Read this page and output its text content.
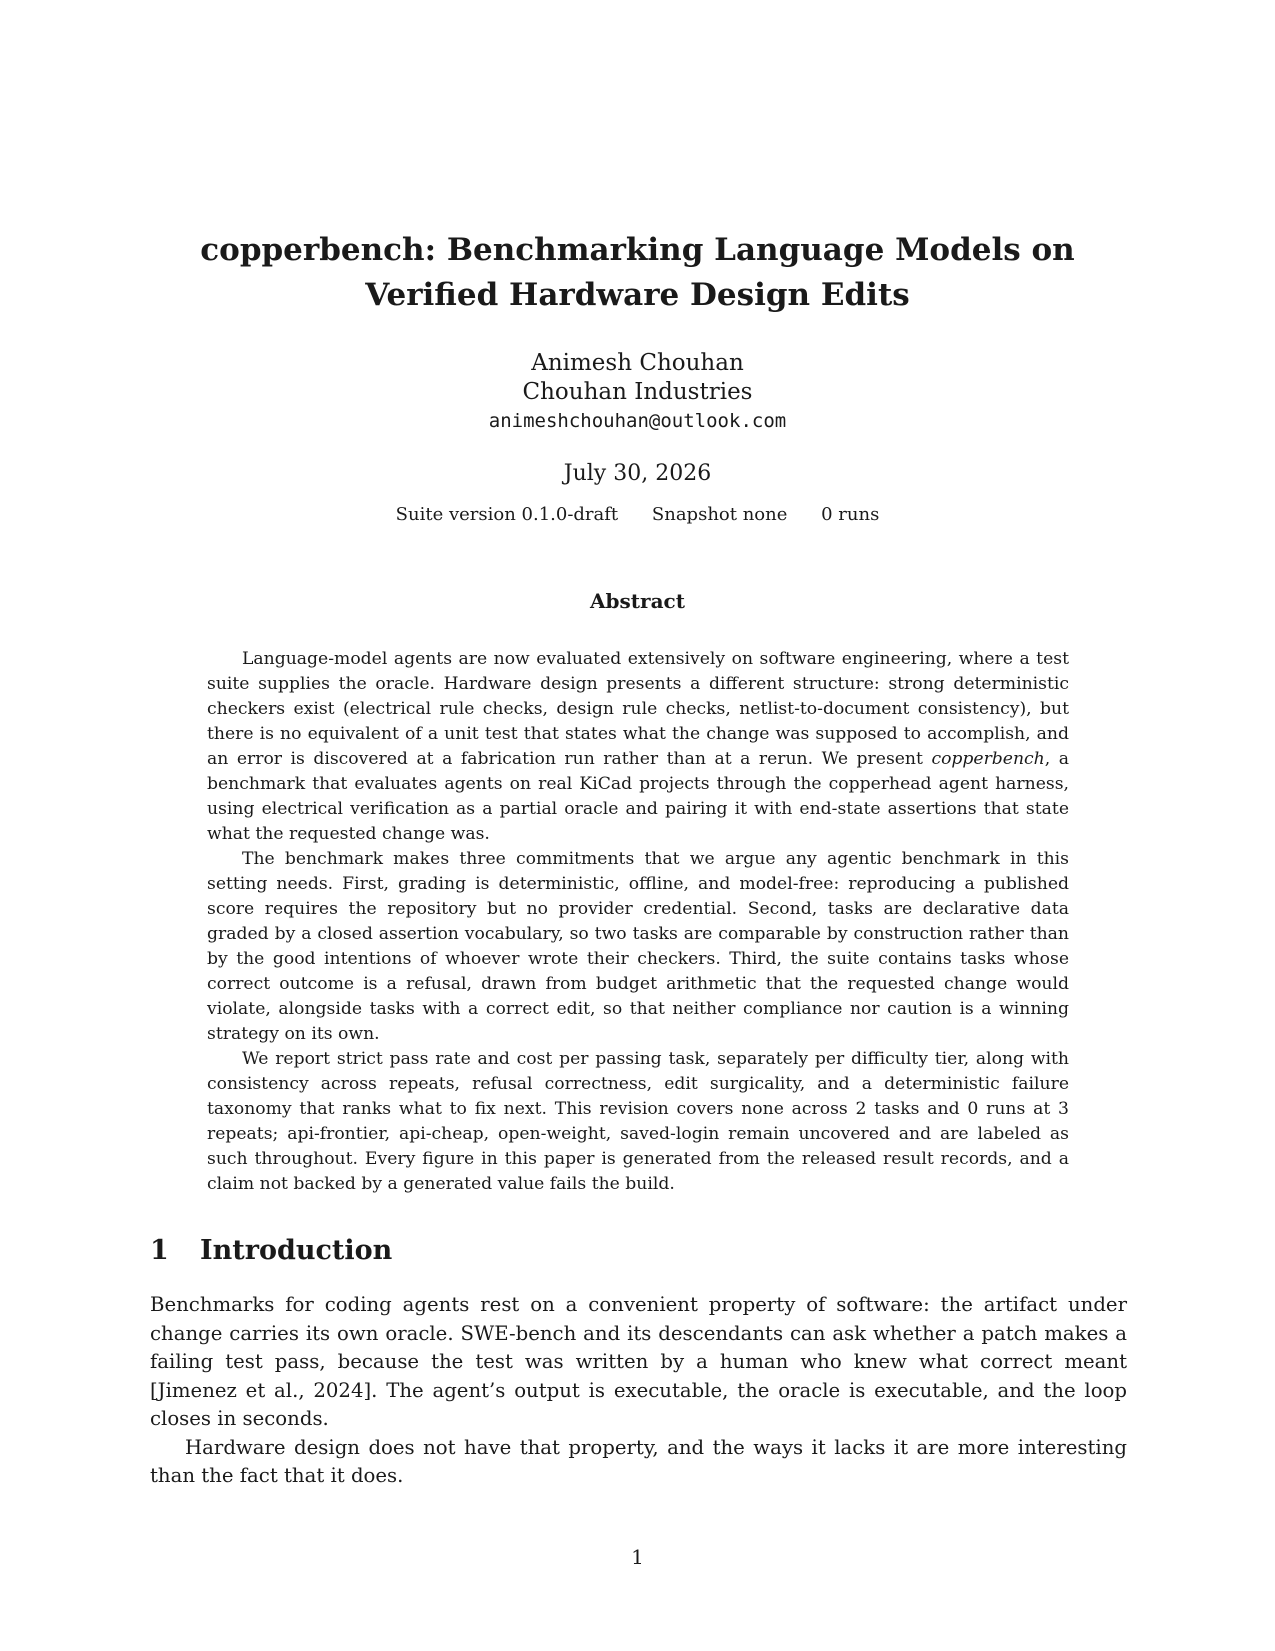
copperbench: Benchmarking Language Models on
Verified Hardware Design Edits
Animesh Chouhan
Chouhan Industries
animeshchouhan@outlook.com
July 30, 2026
Suite version 0.1.0-draft Snapshot none 0 runs
Abstract

Language-model agents are now evaluated extensively on software engineering, where a test suite supplies the oracle. Hardware design presents a different structure: strong deterministic checkers exist (electrical rule checks, design rule checks, netlist-to-document consistency), but there is no equivalent of a unit test that states what the change was supposed to accomplish, and an error is discovered at a fabrication run rather than at a rerun. We present copperbench, a benchmark that evaluates agents on real KiCad projects through the copperhead agent harness, using electrical verification as a partial oracle and pairing it with end-state assertions that state what the requested change was.

The benchmark makes three commitments that we argue any agentic benchmark in this setting needs. First, grading is deterministic, offline, and model-free: reproducing a published score requires the repository but no provider credential. Second, tasks are declarative data graded by a closed assertion vocabulary, so two tasks are comparable by construction rather than by the good intentions of whoever wrote their checkers. Third, the suite contains tasks whose correct outcome is a refusal, drawn from budget arithmetic that the requested change would violate, alongside tasks with a correct edit, so that neither compliance nor caution is a winning strategy on its own.

We report strict pass rate and cost per passing task, separately per difficulty tier, along with consistency across repeats, refusal correctness, edit surgicality, and a deterministic failure taxonomy that ranks what to fix next. This revision covers none across 2 tasks and 0 runs at 3 repeats; api-frontier, api-cheap, open-weight, saved-login remain uncovered and are labeled as such throughout. Every figure in this paper is generated from the released result records, and a claim not backed by a generated value fails the build.

1 Introduction

Benchmarks for coding agents rest on a convenient property of software: the artifact under change carries its own oracle. SWE-bench and its descendants can ask whether a patch makes a failing test pass, because the test was written by a human who knew what correct meant [Jimenez et al., 2024]. The agent’s output is executable, the oracle is executable, and the loop closes in seconds.

Hardware design does not have that property, and the ways it lacks it are more interesting than the fact that it does.

1
